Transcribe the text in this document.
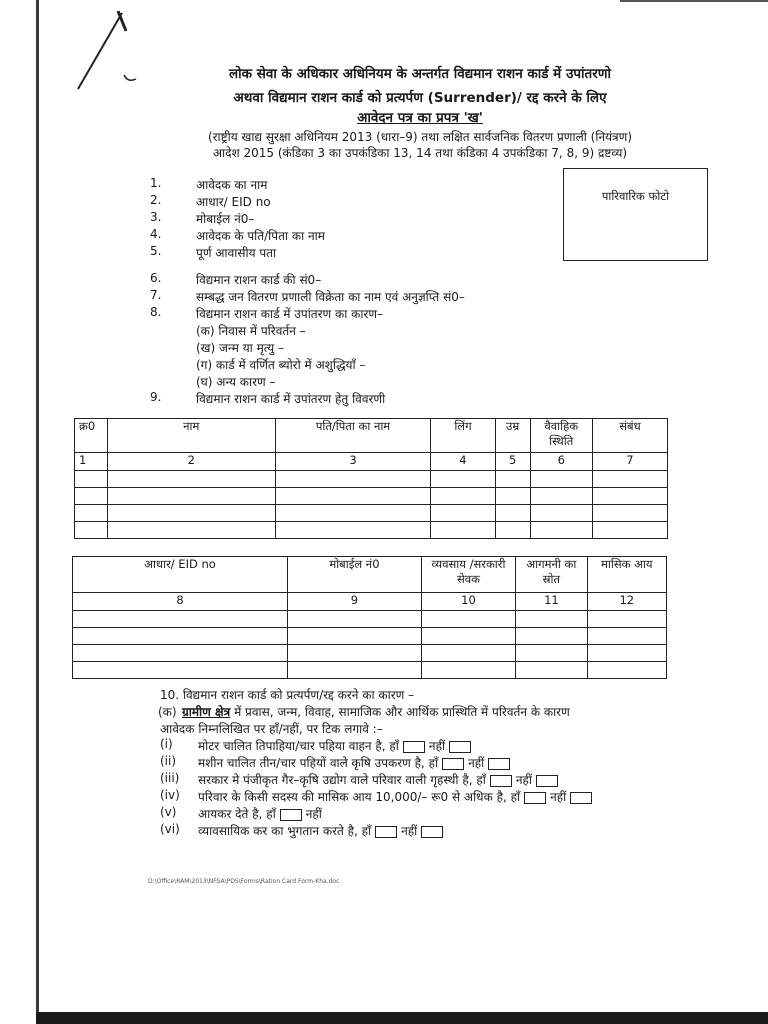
लोक सेवा के अधिकार अधिनियम के अन्तर्गत विद्यमान राशन कार्ड में उपांतरणो
अथवा विद्यमान राशन कार्ड को प्रत्यर्पण (Surrender)/ रद्द करने के लिए
आवेदन पत्र का प्रपत्र 'ख'
(राष्ट्रीय खाद्य सुरक्षा अधिनियम 2013 (धारा–9) तथा लक्षित सार्वजनिक वितरण प्रणाली (नियंत्रण)
आदेश 2015 (कंडिका 3 का उपकंडिका 13, 14 तथा कंडिका 4 उपकंडिका 7, 8, 9) द्रष्टव्य)
पारिवारिक फोटो
1.	आवेदक का नाम
2.	आधार/ EID no
3.	मोबाईल नं0–
4.	आवेदक के पति/पिता का नाम
5.	पूर्ण आवासीय पता
6.	विद्यमान राशन कार्ड की सं0–
7.	सम्बद्ध जन वितरण प्रणाली विक्रेता का नाम एवं अनुज्ञप्ति सं0–
8.	विद्यमान राशन कार्ड में उपांतरण का कारण–
(क) निवास में परिवर्तन –
(ख) जन्म या मृत्यु –
(ग) कार्ड में वर्णित ब्योरो में अशुद्धियाँ –
(घ) अन्य कारण –
9.	विद्यमान राशन कार्ड में उपांतरण हेतु विवरणी
क्र0	नाम	पति/पिता का नाम	लिंग	उम्र	वैवाहिक स्थिति	संबंध
1	2	3	4	5	6	7

आधार/ EID no	मोबाईल नं0	व्यवसाय /सरकारी सेवक	आगमनी का स्रोत	मासिक आय
8	9	10	11	12

10. विद्यमान राशन कार्ड को प्रत्यर्पण/रद्द करने का कारण –
(क) ग्रामीण क्षेत्र में प्रवास, जन्म, विवाह, सामाजिक और आर्थिक प्रास्थिति में परिवर्तन के कारण
आवेदक निम्नलिखित पर हाँ/नहीं, पर टिक लगावे :–
(i)	मोटर चालित तिपाहिया/चार पहिया वाहन है, हाँ	नहीं
(ii)	मशीन चालित तीन/चार पहियों वाले कृषि उपकरण है, हाँ	नहीं
(iii)	सरकार मे पंजीकृत गैर–कृषि उद्योग वाले परिवार वाली गृहस्थी है, हाँ	नहीं
(iv)	परिवार के किसी सदस्य की मासिक आय 10,000/– रू0 से अधिक है, हाँ	नहीं
(v)	आयकर देते है, हाँ	नहीं
(vi)	व्यावसायिक कर का भुगतान करते है, हाँ	नहीं
D:\Office\RAM\2013\NFSA\PDS\Forms\Ration Card Form-Kha.doc
